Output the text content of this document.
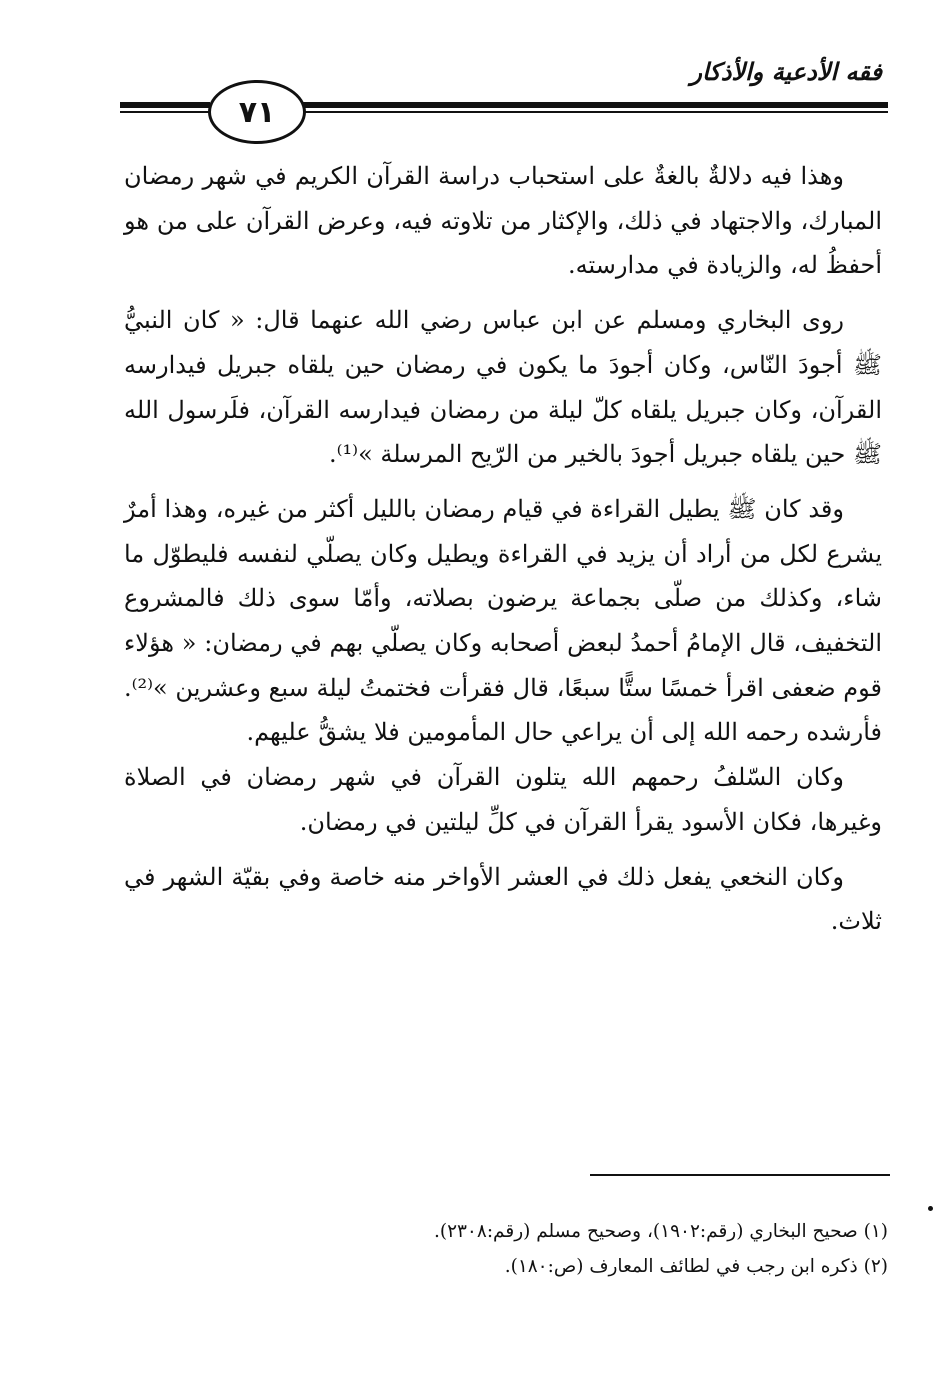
فقه الأدعية والأذكار
٧١

وهذا فيه دلالةٌ بالغةٌ على استحباب دراسة القرآن الكريم في شهر رمضان المبارك، والاجتهاد في ذلك، والإكثار من تلاوته فيه، وعرض القرآن على من هو أحفظُ له، والزيادة في مدارسته.

روى البخاري ومسلم عن ابن عباس رضي الله عنهما قال: « كان النبيُّ ﷺ أجودَ النّاس، وكان أجودَ ما يكون في رمضان حين يلقاه جبريل فيدارسه القرآن، وكان جبريل يلقاه كلّ ليلة من رمضان فيدارسه القرآن، فلَرسول الله ﷺ حين يلقاه جبريل أجودَ بالخير من الرّيح المرسلة »⁽¹⁾.

وقد كان ﷺ يطيل القراءة في قيام رمضان بالليل أكثر من غيره، وهذا أمرٌ يشرع لكل من أراد أن يزيد في القراءة ويطيل وكان يصلّي لنفسه فليطوّل ما شاء، وكذلك من صلّى بجماعة يرضون بصلاته، وأمّا سوى ذلك فالمشروع التخفيف، قال الإمامُ أحمدُ لبعض أصحابه وكان يصلّي بهم في رمضان: « هؤلاء قوم ضعفى اقرأ خمسًا ستًّا سبعًا، قال فقرأت فختمتُ ليلة سبع وعشرين »⁽²⁾. فأرشده رحمه الله إلى أن يراعي حال المأمومين فلا يشقُّ عليهم.

وكان السّلفُ رحمهم الله يتلون القرآن في شهر رمضان في الصلاة وغيرها، فكان الأسود يقرأ القرآن في كلِّ ليلتين في رمضان.

وكان النخعي يفعل ذلك في العشر الأواخر منه خاصة وفي بقيّة الشهر في ثلاث.

(١) صحيح البخاري (رقم:١٩٠٢)، وصحيح مسلم (رقم:٢٣٠٨).

(٢) ذكره ابن رجب في لطائف المعارف (ص:١٨٠).
